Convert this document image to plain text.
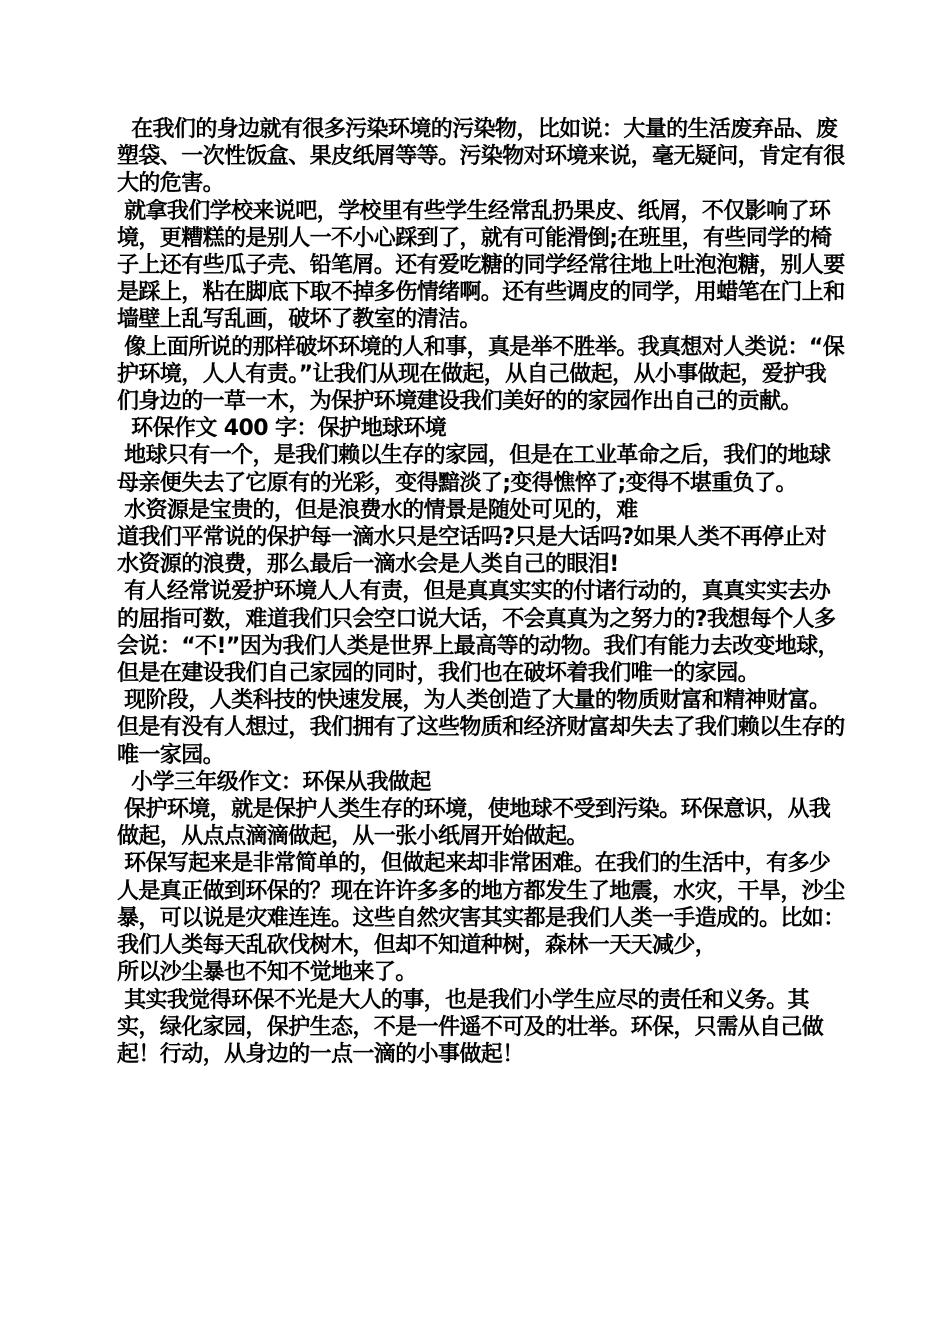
在我们的身边就有很多污染环境的污染物，比如说：大量的生活废弃品、废塑袋、一次性饭盒、果皮纸屑等等。污染物对环境来说，毫无疑问，肯定有很大的危害。

就拿我们学校来说吧，学校里有些学生经常乱扔果皮、纸屑，不仅影响了环境，更糟糕的是别人一不小心踩到了，就有可能滑倒;在班里，有些同学的椅子上还有些瓜子壳、铅笔屑。还有爱吃糖的同学经常往地上吐泡泡糖，别人要是踩上，粘在脚底下取不掉多伤情绪啊。还有些调皮的同学，用蜡笔在门上和墙壁上乱写乱画，破坏了教室的清洁。

像上面所说的那样破坏环境的人和事，真是举不胜举。我真想对人类说：“保护环境，人人有责。”让我们从现在做起，从自己做起，从小事做起，爱护我们身边的一草一木，为保护环境建设我们美好的的家园作出自己的贡献。

环保作文 400 字：保护地球环境

地球只有一个，是我们赖以生存的家园，但是在工业革命之后，我们的地球母亲便失去了它原有的光彩，变得黯淡了;变得憔悴了;变得不堪重负了。

水资源是宝贵的，但是浪费水的情景是随处可见的，难
道我们平常说的保护每一滴水只是空话吗?只是大话吗?如果人类不再停止对水资源的浪费，那么最后一滴水会是人类自己的眼泪!

有人经常说爱护环境人人有责，但是真真实实的付诸行动的，真真实实去办的屈指可数，难道我们只会空口说大话，不会真真为之努力的?我想每个人多会说：“不!”因为我们人类是世界上最高等的动物。我们有能力去改变地球，但是在建设我们自己家园的同时，我们也在破坏着我们唯一的家园。

现阶段，人类科技的快速发展，为人类创造了大量的物质财富和精神财富。但是有没有人想过，我们拥有了这些物质和经济财富却失去了我们赖以生存的唯一家园。

小学三年级作文：环保从我做起

保护环境，就是保护人类生存的环境，使地球不受到污染。环保意识，从我做起，从点点滴滴做起，从一张小纸屑开始做起。

环保写起来是非常简单的，但做起来却非常困难。在我们的生活中，有多少人是真正做到环保的？现在许许多多的地方都发生了地震，水灾，干旱，沙尘暴，可以说是灾难连连。这些自然灾害其实都是我们人类一手造成的。比如：我们人类每天乱砍伐树木，但却不知道种树，森林一天天减少，
所以沙尘暴也不知不觉地来了。

其实我觉得环保不光是大人的事，也是我们小学生应尽的责任和义务。其实，绿化家园，保护生态，不是一件遥不可及的壮举。环保，只需从自己做起！行动，从身边的一点一滴的小事做起！
